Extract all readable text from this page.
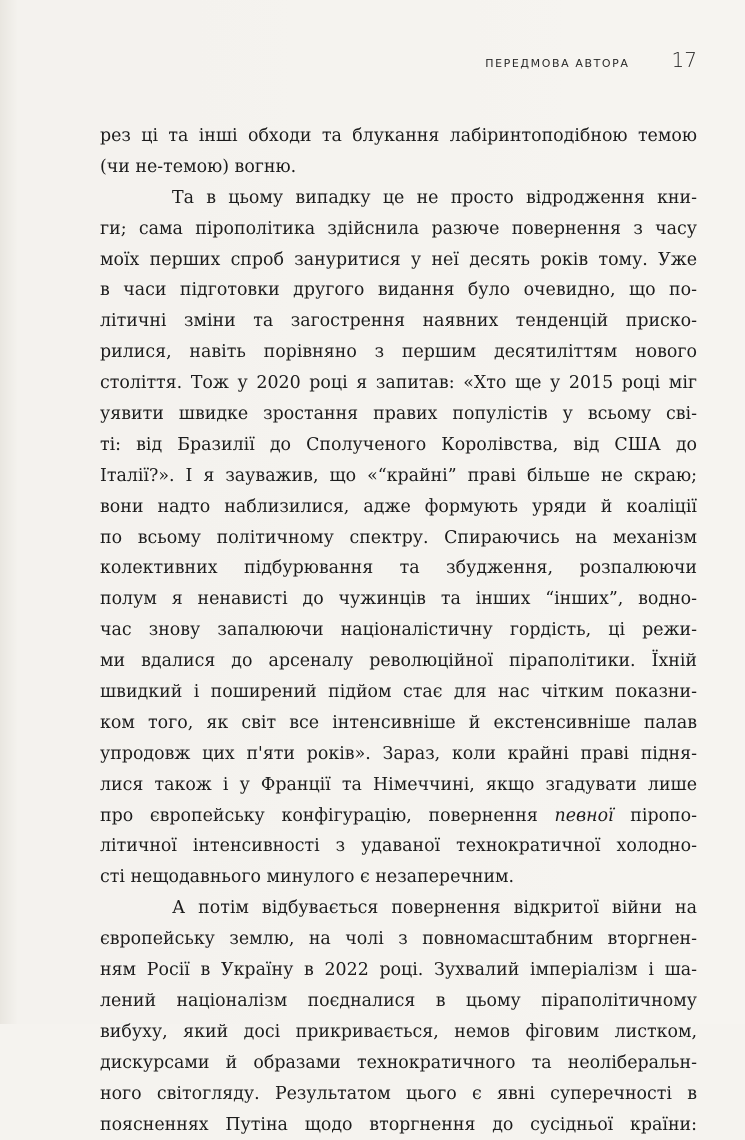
ПЕРЕДМОВА АВТОРА 17
рез ці та інші обходи та блукання лабіринтоподібною темою
(чи не-темою) вогню.
Та в цьому випадку це не просто відродження кни-
ги; сама пірополітика здійснила разюче повернення з часу
моїх перших спроб зануритися у неї десять років тому. Уже
в часи підготовки другого видання було очевидно, що по-
літичні зміни та загострення наявних тенденцій прискo-
рилися, навіть порівняно з першим десятиліттям нового
століття. Тож у 2020 році я запитав: «Хто ще у 2015 році міг
уявити швидке зростання правих популістів у всьому сві-
ті: від Бразилії до Сполученого Королівства, від США до
Італії?». І я зауважив, що «“крайні” праві більше не скраю;
вони надто наблизилися, адже формують уряди й коаліції
по всьому політичному спектру. Спираючись на механізм
колективних підбурювання та збудження, розпалюючи
полум я ненависті до чужинців та інших “інших”, водно-
час знову запалюючи націоналістичну гордість, ці режи-
ми вдалися до арсеналу революційної піраполітики. Їхній
швидкий і поширений підйом стає для нас чітким показни-
ком того, як світ все інтенсивніше й екстенсивніше палав
упродовж цих п'яти років». Зараз, коли крайні праві підня-
лися також і у Франції та Німеччині, якщо згадувати лише
про європейську конфігурацію, повернення певної піропо-
літичної інтенсивності з удаваної технократичної холодно-
сті нещодавнього минулого є незаперечним.
А потім відбувається повернення відкритої війни на
європейську землю, на чолі з повномасштабним вторгнен-
ням Росії в Україну в 2022 році. Зухвалий імперіалізм і ша-
лений націоналізм поєдналися в цьому піраполітичному
вибуху, який досі прикривається, немов фіговим листком,
дискурсами й образами технократичного та неоліберальн-
ного світогляду. Результатом цього є явні суперечності в
поясненнях Путіна щодо вторгнення до сусідньої країни:
